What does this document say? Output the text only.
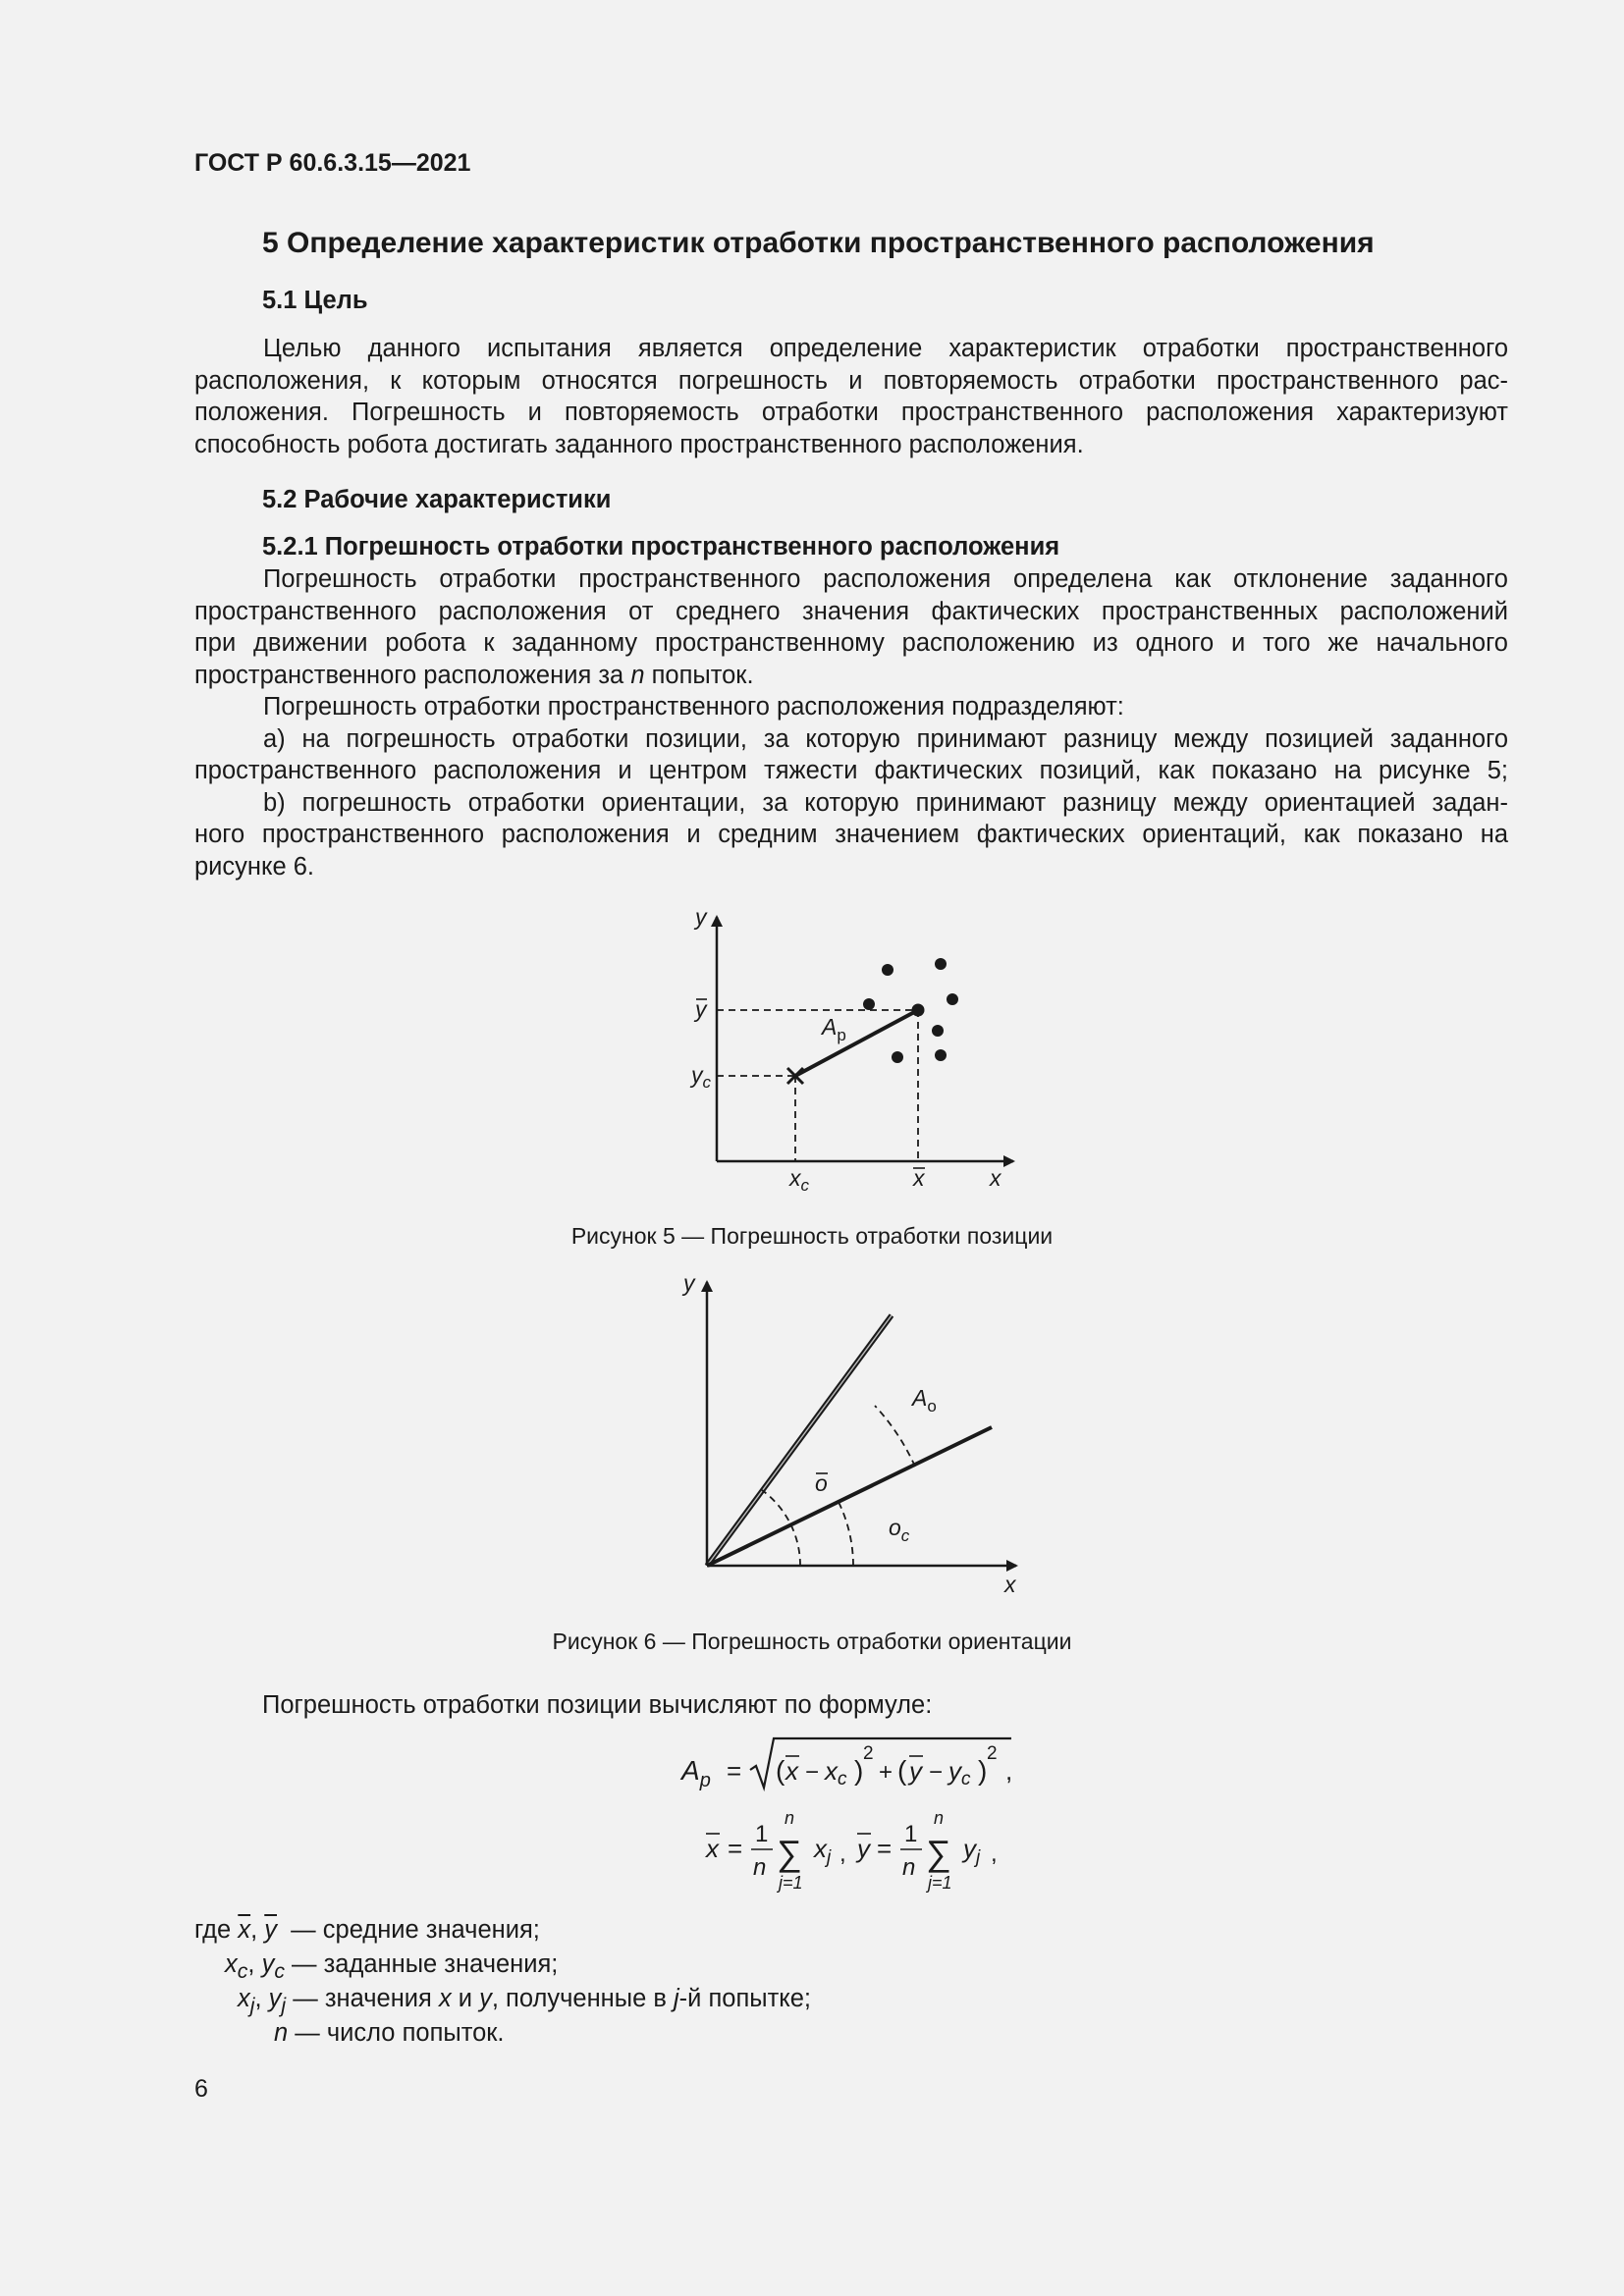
ГОСТ Р 60.6.3.15—2021
5 Определение характеристик отработки пространственного расположения
5.1 Цель
Целью данного испытания является определение характеристик отработки пространственного
расположения, к которым относятся погрешность и повторяемость отработки пространственного рас-
положения. Погрешность и повторяемость отработки пространственного расположения характеризуют
способность робота достигать заданного пространственного расположения.
5.2 Рабочие характеристики
5.2.1 Погрешность отработки пространственного расположения
Погрешность отработки пространственного расположения определена как отклонение заданного
пространственного расположения от среднего значения фактических пространственных расположений
при движении робота к заданному пространственному расположению из одного и того же начального
пространственного расположения за n попыток.
Погрешность отработки пространственного расположения подразделяют:
а) на погрешность отработки позиции, за которую принимают разницу между позицией заданного
пространственного расположения и центром тяжести фактических позиций, как показано на рисунке 5;
b) погрешность отработки ориентации, за которую принимают разницу между ориентацией задан-
ного пространственного расположения и средним значением фактических ориентаций, как показано на
рисунке 6.
y
x
y
$y_c$
$x_c$	x
$A_p$
Рисунок 5 — Погрешность отработки позиции
y
x
$A_o$
o
$o_c$
Рисунок 6 — Погрешность отработки ориентации
Погрешность отработки позиции вычисляют по формуле:
$A_p$ = ( x − xc )
2
+ ( y − yc )
2
,
x = 1
n
n
∑
j=1
$x_j$ , y = 1
n
n
∑
j=1
$y_j$ ,
где $\overline{x}$, $\overline{y}$ — средние значения;
$x_c$, $y_c$ — заданные значения;
$x_j$, $y_j$ — значения x и y, полученные в j-й попытке;
n — число попыток.
6
